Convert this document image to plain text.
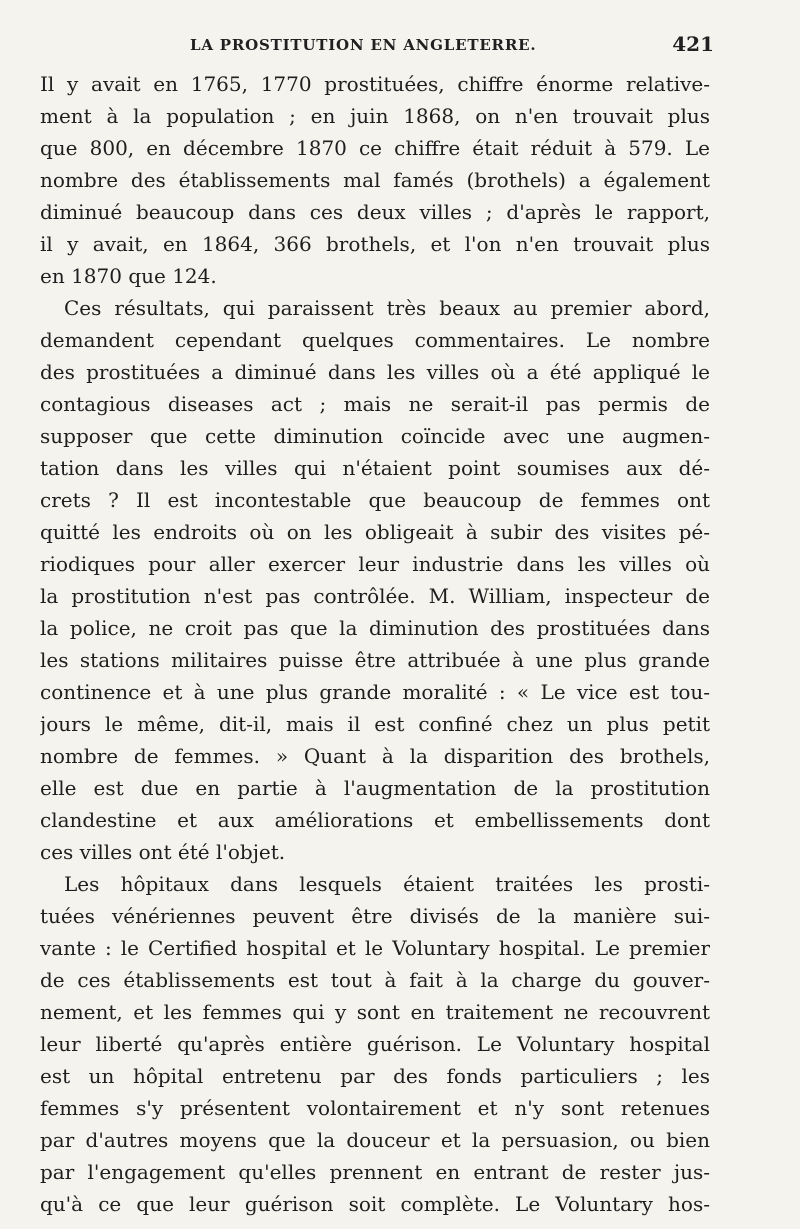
LA PROSTITUTION EN ANGLETERRE.	421
Il y avait en 1765, 1770 prostituées, chiffre énorme relative-
ment à la population ; en juin 1868, on n'en trouvait plus
que 800, en décembre 1870 ce chiffre était réduit à 579. Le
nombre des établissements mal famés (brothels) a également
diminué beaucoup dans ces deux villes ; d'après le rapport,
il y avait, en 1864, 366 brothels, et l'on n'en trouvait plus
en 1870 que 124.
Ces résultats, qui paraissent très beaux au premier abord,
demandent cependant quelques commentaires. Le nombre
des prostituées a diminué dans les villes où a été appliqué le
contagious diseases act ; mais ne serait-il pas permis de
supposer que cette diminution coïncide avec une augmen-
tation dans les villes qui n'étaient point soumises aux dé-
crets ? Il est incontestable que beaucoup de femmes ont
quitté les endroits où on les obligeait à subir des visites pé-
riodiques pour aller exercer leur industrie dans les villes où
la prostitution n'est pas contrôlée. M. William, inspecteur de
la police, ne croit pas que la diminution des prostituées dans
les stations militaires puisse être attribuée à une plus grande
continence et à une plus grande moralité : « Le vice est tou-
jours le même, dit-il, mais il est confiné chez un plus petit
nombre de femmes. » Quant à la disparition des brothels,
elle est due en partie à l'augmentation de la prostitution
clandestine et aux améliorations et embellissements dont
ces villes ont été l'objet.
Les hôpitaux dans lesquels étaient traitées les prosti-
tuées vénériennes peuvent être divisés de la manière sui-
vante : le Certified hospital et le Voluntary hospital. Le premier
de ces établissements est tout à fait à la charge du gouver-
nement, et les femmes qui y sont en traitement ne recouvrent
leur liberté qu'après entière guérison. Le Voluntary hospital
est un hôpital entretenu par des fonds particuliers ; les
femmes s'y présentent volontairement et n'y sont retenues
par d'autres moyens que la douceur et la persuasion, ou bien
par l'engagement qu'elles prennent en entrant de rester jus-
qu'à ce que leur guérison soit complète. Le Voluntary hos-
